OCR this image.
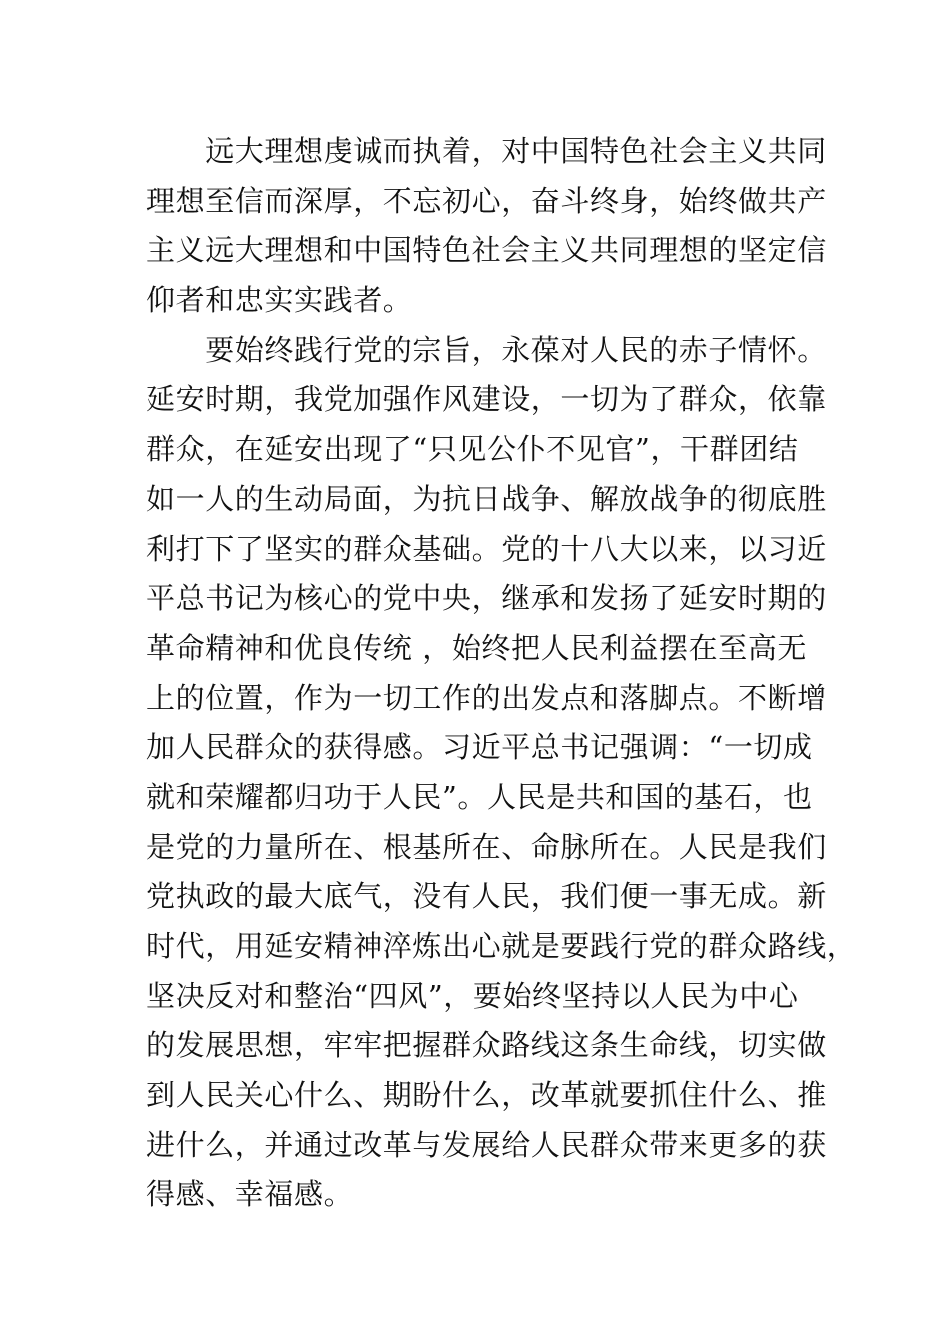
　　远大理想虔诚而执着，对中国特色社会主义共同
理想至信而深厚，不忘初心，奋斗终身，始终做共产
主义远大理想和中国特色社会主义共同理想的坚定信
仰者和忠实实践者。
　　要始终践行党的宗旨，永葆对人民的赤子情怀。
延安时期，我党加强作风建设，一切为了群众，依靠
群众，在延安出现了“只见公仆不见官”，干群团结
如一人的生动局面，为抗日战争、解放战争的彻底胜
利打下了坚实的群众基础。党的十八大以来，以习近
平总书记为核心的党中央，继承和发扬了延安时期的
革命精神和优良传统 ，始终把人民利益摆在至高无
上的位置，作为一切工作的出发点和落脚点。不断增
加人民群众的获得感。习近平总书记强调：“一切成
就和荣耀都归功于人民”。人民是共和国的基石，也
是党的力量所在、根基所在、命脉所在。人民是我们
党执政的最大底气，没有人民，我们便一事无成。新
时代，用延安精神淬炼出心就是要践行党的群众路线，
坚决反对和整治“四风”，要始终坚持以人民为中心
的发展思想，牢牢把握群众路线这条生命线，切实做
到人民关心什么、期盼什么，改革就要抓住什么、推
进什么，并通过改革与发展给人民群众带来更多的获
得感、幸福感。
